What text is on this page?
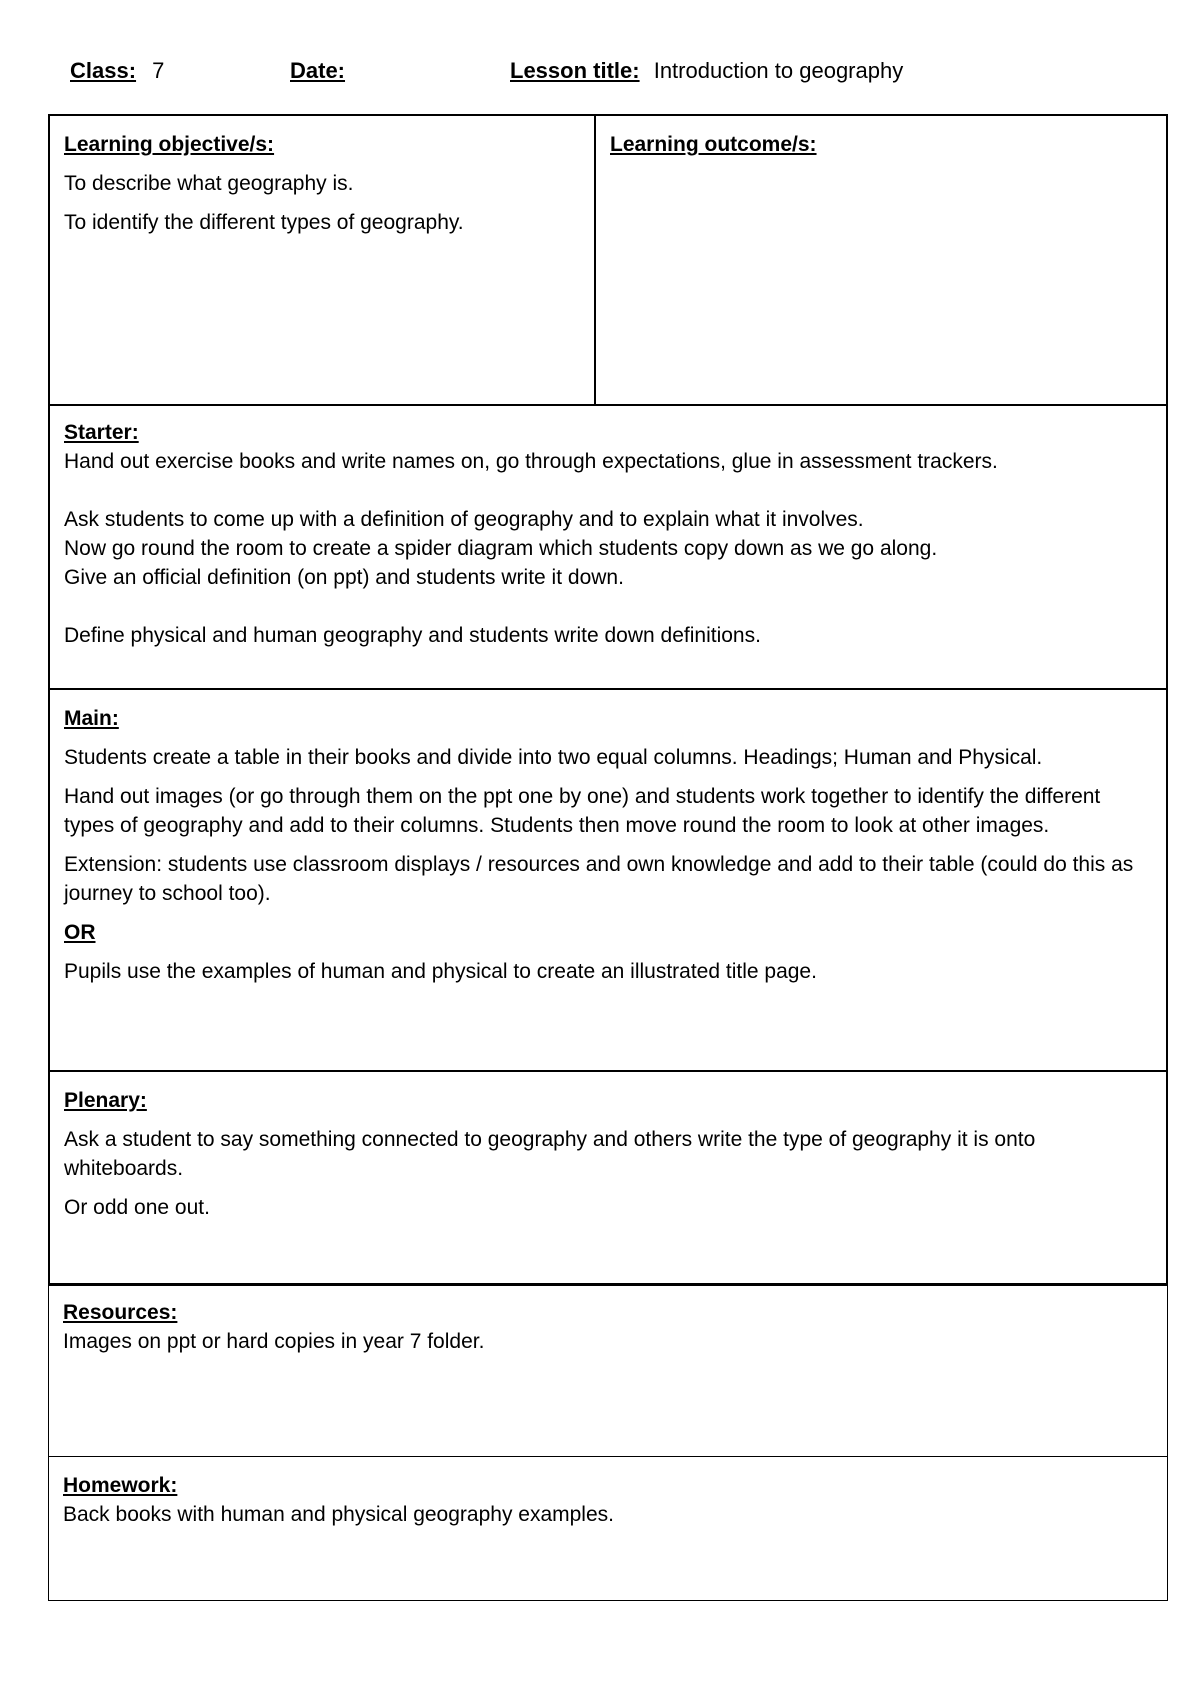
Class: 7	Date:	Lesson title: Introduction to geography

Learning objective/s:

To describe what geography is.

To identify the different types of geography.

Learning outcome/s:

Starter:

Hand out exercise books and write names on, go through expectations, glue in assessment trackers.

Ask students to come up with a definition of geography and to explain what it involves.

Now go round the room to create a spider diagram which students copy down as we go along.

Give an official definition (on ppt) and students write it down.

Define physical and human geography and students write down definitions.

Main:

Students create a table in their books and divide into two equal columns. Headings; Human and Physical.

Hand out images (or go through them on the ppt one by one) and students work together to identify the different types of geography and add to their columns. Students then move round the room to look at other images.

Extension: students use classroom displays / resources and own knowledge and add to their table (could do this as journey to school too).

OR

Pupils use the examples of human and physical to create an illustrated title page.

Plenary:

Ask a student to say something connected to geography and others write the type of geography it is onto whiteboards.

Or odd one out.

Resources:

Images on ppt or hard copies in year 7 folder.

Homework:

Back books with human and physical geography examples.
